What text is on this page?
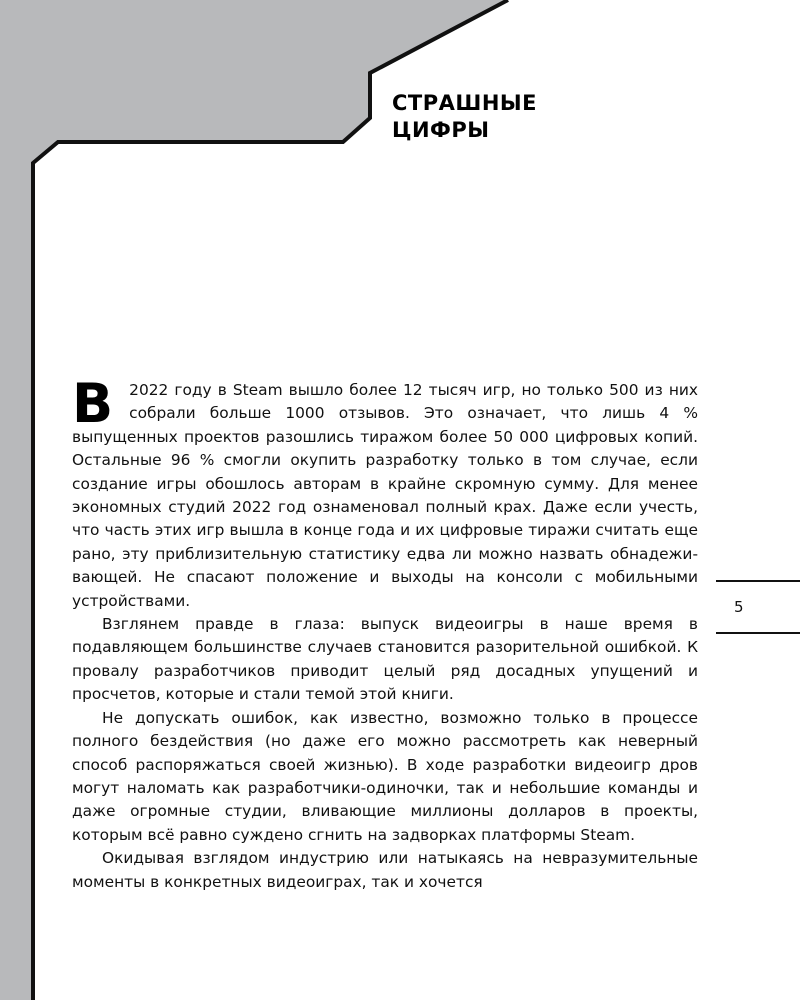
СТРАШНЫЕ
ЦИФРЫ
5

В 2022 году в Steam вышло более 12 тысяч игр, но только 500 из них собрали больше 1000 отзывов. Это означает, что лишь 4 % выпущенных проектов разошлись тиражом более 50 000 цифровых копий. Остальные 96 % смогли окупить разработку только в том случае, если создание игры обошлось авторам в крайне скромную сумму. Для менее экономных студий 2022 год ознаменовал полный крах. Даже если учесть, что часть этих игр вышла в конце года и их цифровые тиражи считать еще рано, эту приблизительную статистику едва ли можно назвать обнадеживающей. Не спасают положение и выходы на консоли с мобильными устройствами.

Взглянем правде в глаза: выпуск видеоигры в наше время в подавляющем большинстве случаев становится разорительной ошибкой. К провалу разработчиков приводит целый ряд досадных упущений и просчетов, которые и стали темой этой книги.

Не допускать ошибок, как известно, возможно только в процессе полного бездействия (но даже его можно рассмотреть как неверный способ распоряжаться своей жизнью). В ходе разработки видеоигр дров могут наломать как разработчики-одиночки, так и небольшие команды и даже огромные студии, вливающие миллионы долларов в проекты, которым всё равно суждено сгнить на задворках платформы Steam.

Окидывая взглядом индустрию или натыкаясь на невразумительные моменты в конкретных видеоиграх, так и хочется
